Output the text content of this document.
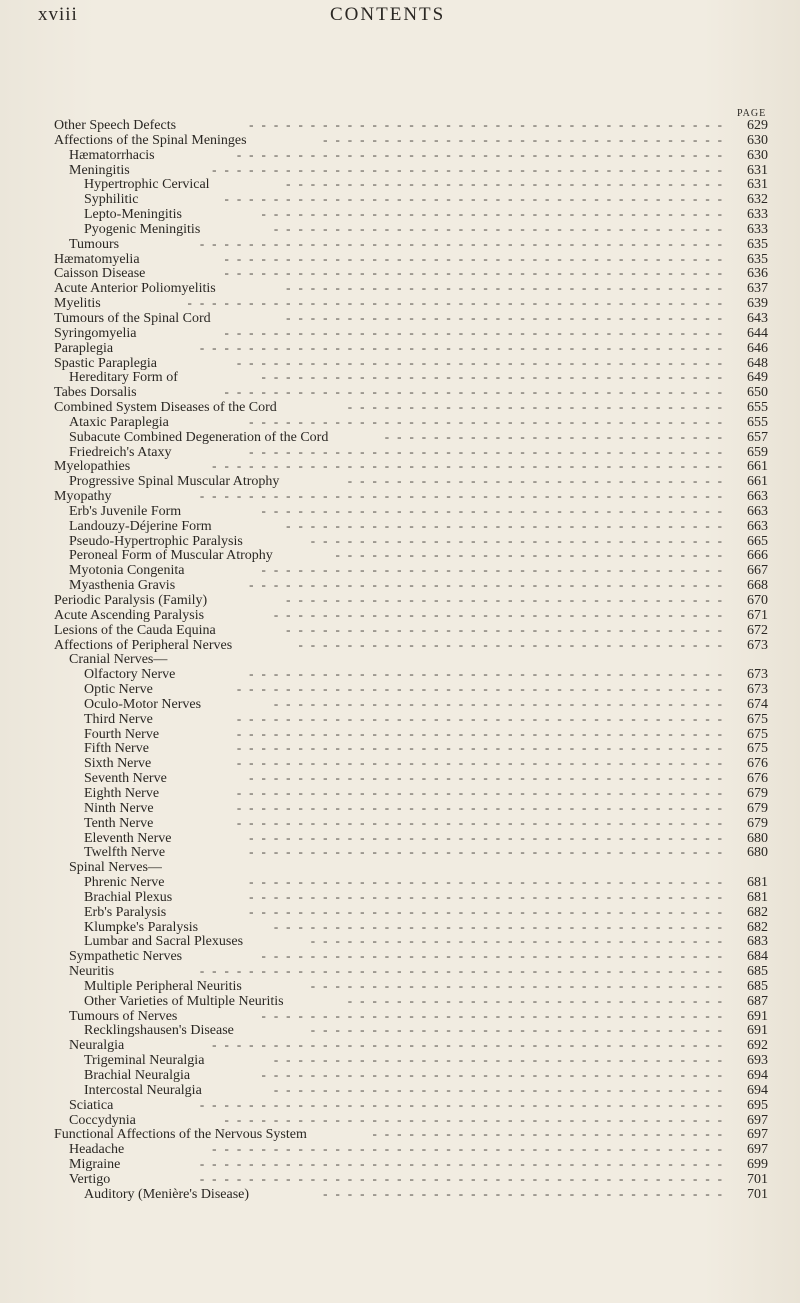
xviii	CONTENTS
PAGE
Other Speech Defects	---------------------------------------	629
Affections of the Spinal Meninges	---------------------------------	630
Hæmatorrhacis	----------------------------------------	630
Meningitis	------------------------------------------	631
Hypertrophic Cervical	------------------------------------	631
Syphilitic	-----------------------------------------	632
Lepto-Meningitis	--------------------------------------	633
Pyogenic Meningitis	-------------------------------------	633
Tumours	-------------------------------------------	635
Hæmatomyelia	-----------------------------------------	635
Caisson Disease	-----------------------------------------	636
Acute Anterior Poliomyelitis	------------------------------------	637
Myelitis	--------------------------------------------	639
Tumours of the Spinal Cord	------------------------------------	643
Syringomyelia	-----------------------------------------	644
Paraplegia	-------------------------------------------	646
Spastic Paraplegia	----------------------------------------	648
Hereditary Form of	--------------------------------------	649
Tabes Dorsalis	-----------------------------------------	650
Combined System Diseases of the Cord	-------------------------------	655
Ataxic Paraplegia	---------------------------------------	655
Subacute Combined Degeneration of the Cord	----------------------------	657
Friedreich's Ataxy	---------------------------------------	659
Myelopathies	------------------------------------------	661
Progressive Spinal Muscular Atrophy	-------------------------------	661
Myopathy	-------------------------------------------	663
Erb's Juvenile Form	--------------------------------------	663
Landouzy-Déjerine Form	------------------------------------	663
Pseudo-Hypertrophic Paralysis	----------------------------------	665
Peroneal Form of Muscular Atrophy	--------------------------------	666
Myotonia Congenita	--------------------------------------	667
Myasthenia Gravis	---------------------------------------	668
Periodic Paralysis (Family)	------------------------------------	670
Acute Ascending Paralysis	-------------------------------------	671
Lesions of the Cauda Equina	------------------------------------	672
Affections of Peripheral Nerves	-----------------------------------	673
Cranial Nerves—
Olfactory Nerve	---------------------------------------	673
Optic Nerve	----------------------------------------	673
Oculo-Motor Nerves	-------------------------------------	674
Third Nerve	----------------------------------------	675
Fourth Nerve	----------------------------------------	675
Fifth Nerve	----------------------------------------	675
Sixth Nerve	----------------------------------------	676
Seventh Nerve	---------------------------------------	676
Eighth Nerve	----------------------------------------	679
Ninth Nerve	----------------------------------------	679
Tenth Nerve	----------------------------------------	679
Eleventh Nerve	---------------------------------------	680
Twelfth Nerve	---------------------------------------	680
Spinal Nerves—
Phrenic Nerve	---------------------------------------	681
Brachial Plexus	---------------------------------------	681
Erb's Paralysis	---------------------------------------	682
Klumpke's Paralysis	-------------------------------------	682
Lumbar and Sacral Plexuses	----------------------------------	683
Sympathetic Nerves	--------------------------------------	684
Neuritis	-------------------------------------------	685
Multiple Peripheral Neuritis	----------------------------------	685
Other Varieties of Multiple Neuritis	-------------------------------	687
Tumours of Nerves	--------------------------------------	691
Recklingshausen's Disease	----------------------------------	691
Neuralgia	------------------------------------------	692
Trigeminal Neuralgia	-------------------------------------	693
Brachial Neuralgia	--------------------------------------	694
Intercostal Neuralgia	-------------------------------------	694
Sciatica	-------------------------------------------	695
Coccydynia	-----------------------------------------	697
Functional Affections of the Nervous System	-----------------------------	697
Headache	------------------------------------------	697
Migraine	-------------------------------------------	699
Vertigo	-------------------------------------------	701
Auditory (Menière's Disease)	---------------------------------	701
